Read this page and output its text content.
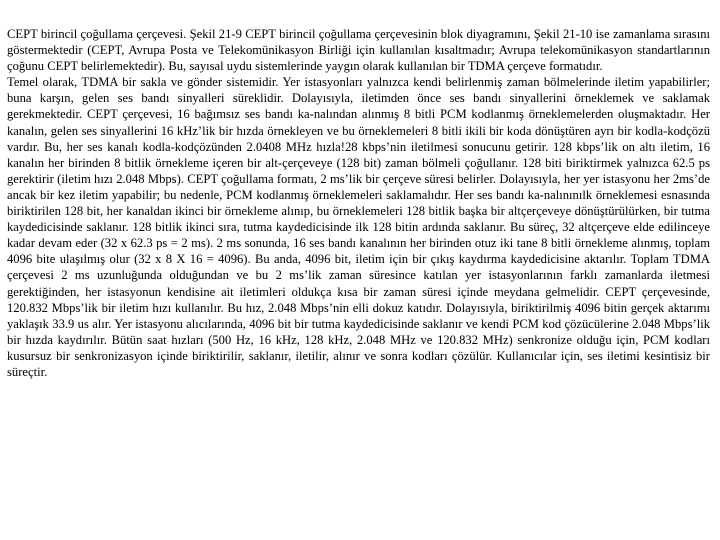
CEPT birincil çoğullama çerçevesi. Şekil 21-9 CEPT birincil çoğullama çerçevesinin blok diyagramını, Şekil 21-10 ise zamanlama sırasını göstermektedir (CEPT, Avrupa Posta ve Telekomünikasyon Birliği için kullanılan kısaltmadır; Avrupa telekomünikasyon standartlarının çoğunu CEPT belirlemektedir). Bu, sayısal uydu sistemlerinde yaygın olarak kullanılan bir TDMA çerçeve formatıdır.
Temel olarak, TDMA bir sakla ve gönder sistemidir. Yer istasyonları yalnızca kendi belirlenmiş zaman bölmelerinde iletim yapabilirler; buna karşın, gelen ses bandı sinyalleri süreklidir. Dolayısıyla, iletimden önce ses bandı sinyallerini örneklemek ve saklamak gerekmektedir. CEPT çerçevesi, 16 bağımsız ses bandı ka-nalından alınmış 8 bitli PCM kodlanmış örneklemelerden oluşmaktadır. Her kanalın, gelen ses sinyallerini 16 kHz’lik bir hızda örnekleyen ve bu örneklemeleri 8 bitli ikili bir koda dönüştüren ayrı bir kodla-kodçözü vardır. Bu, her ses kanalı kodla-kodçözünden 2.0408 MHz hızla!28 kbps’nin iletilmesi sonucunu getirir. 128 kbps’lik on altı iletim, 16 kanalın her birinden 8 bitlik örnekleme içeren bir alt-çerçeveye (128 bit) zaman bölmeli çoğullanır. 128 biti biriktirmek yalnızca 62.5 ps gerektirir (iletim hızı 2.048 Mbps). CEPT çoğullama formatı, 2 ms’lik bir çerçeve süresi belirler. Dolayısıyla, her yer istasyonu her 2ms’de ancak bir kez iletim yapabilir; bu nedenle, PCM kodlanmış örneklemeleri saklamalıdır. Her ses bandı ka-nalınınılk örneklemesi esnasında biriktirilen 128 bit, her kanaldan ikinci bir örnekleme alınıp, bu örneklemeleri 128 bitlik başka bir altçerçeveye dönüştürülürken, bir tutma kaydedicisinde saklanır. 128 bitlik ikinci sıra, tutma kaydedicisinde ilk 128 bitin ardında saklanır. Bu süreç, 32 altçerçeve elde edilinceye kadar devam eder (32 x 62.3 ps = 2 ms). 2 ms sonunda, 16 ses bandı kanalının her birinden otuz iki tane 8 bitli örnekleme alınmış, toplam 4096 bite ulaşılmış olur (32 x 8 X 16 = 4096). Bu anda, 4096 bit, iletim için bir çıkış kaydırma kaydedicisine aktarılır. Toplam TDMA çerçevesi 2 ms uzunluğunda olduğundan ve bu 2 ms’lik zaman süresince katılan yer istasyonlarının farklı zamanlarda iletmesi gerektiğinden, her istasyonun kendisine ait iletimleri oldukça kısa bir zaman süresi içinde meydana gelmelidir. CEPT çerçevesinde, 120.832 Mbps’lik bir iletim hızı kullanılır. Bu hız, 2.048 Mbps’nin elli dokuz katıdır. Dolayısıyla, biriktirilmiş 4096 bitin gerçek aktarımı yaklaşık 33.9 us alır. Yer istasyonu alıcılarında, 4096 bit bir tutma kaydedicisinde saklanır ve kendi PCM kod çözücülerine 2.048 Mbps’lik bir hızda kaydırılır. Bütün saat hızları (500 Hz, 16 kHz, 128 kHz, 2.048 MHz ve 120.832 MHz) senkronize olduğu için, PCM kodları kusursuz bir senkronizasyon içinde biriktirilir, saklanır, iletilir, alınır ve sonra kodları çözülür. Kullanıcılar için, ses iletimi kesintisiz bir süreçtir.
